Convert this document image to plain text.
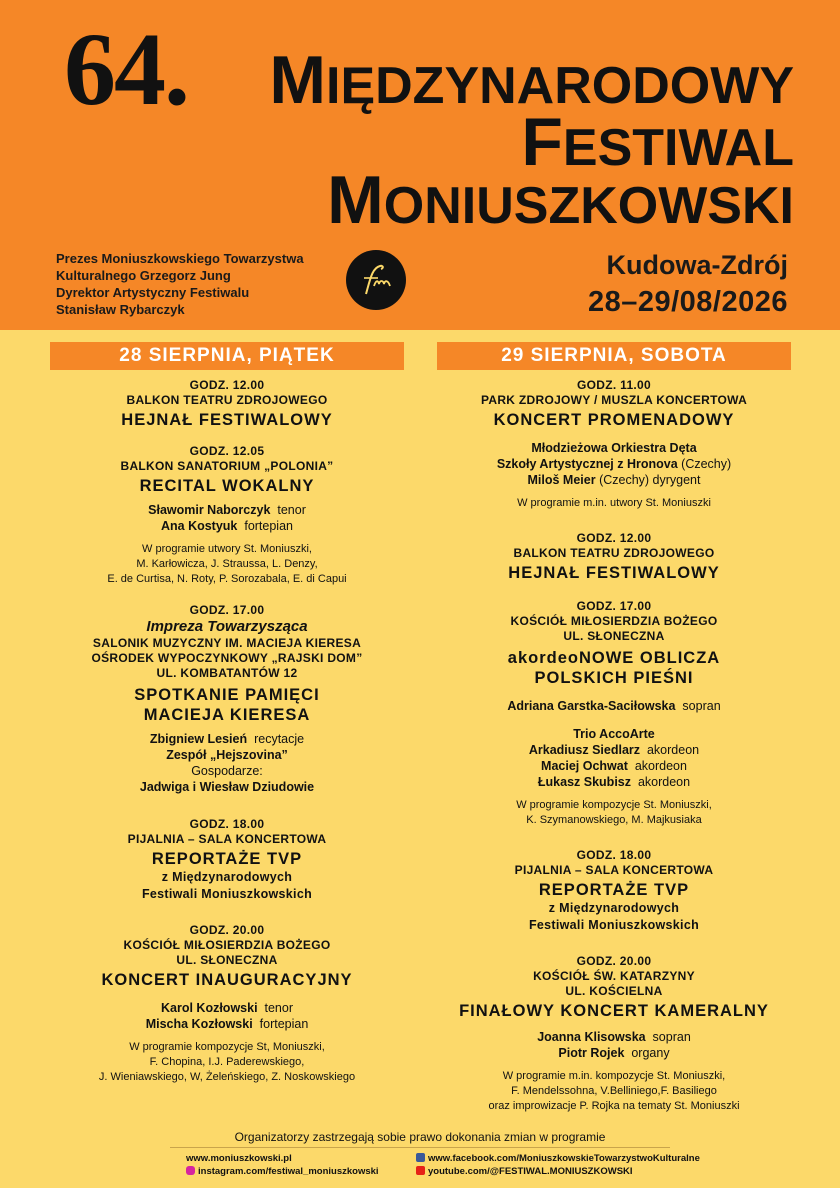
64. MIĘDZYNARODOWY
FESTIWAL
MONIUSZKOWSKI
Prezes Moniuszkowskiego Towarzystwa
Kulturalnego Grzegorz Jung
Dyrektor Artystyczny Festiwalu
Stanisław Rybarczyk
Kudowa-Zdrój
28–29/08/2026
28 SIERPNIA, PIĄTEK	29 SIERPNIA, SOBOTA
GODZ. 12.00
BALKON TEATRU ZDROJOWEGO
HEJNAŁ FESTIWALOWY
GODZ. 12.05
BALKON SANATORIUM „POLONIA”
RECITAL WOKALNY
Sławomir Naborczyk tenor
Ana Kostyuk fortepian
W programie utwory St. Moniuszki,
M. Karłowicza, J. Straussa, L. Denzy,
E. de Curtisa, N. Roty, P. Sorozabala, E. di Capui
GODZ. 17.00
Impreza Towarzysząca
SALONIK MUZYCZNY IM. MACIEJA KIERESA
OŚRODEK WYPOCZYNKOWY „RAJSKI DOM”
UL. KOMBATANTÓW 12
SPOTKANIE PAMIĘCI
MACIEJA KIERESA
Zbigniew Lesień recytacje
Zespół „Hejszovina”
Gospodarze:
Jadwiga i Wiesław Dziudowie
GODZ. 18.00
PIJALNIA – SALA KONCERTOWA
REPORTAŻE TVP
z Międzynarodowych
Festiwali Moniuszkowskich
GODZ. 20.00
KOŚCIÓŁ MIŁOSIERDZIA BOŻEGO
UL. SŁONECZNA
KONCERT INAUGURACYJNY
Karol Kozłowski tenor
Mischa Kozłowski fortepian
W programie kompozycje St, Moniuszki,
F. Chopina, I.J. Paderewskiego,
J. Wieniawskiego, W, Żeleńskiego, Z. Noskowskiego
GODZ. 11.00
PARK ZDROJOWY / MUSZLA KONCERTOWA
KONCERT PROMENADOWY
Młodzieżowa Orkiestra Dęta
Szkoły Artystycznej z Hronova (Czechy)
Miloš Meier (Czechy) dyrygent
W programie m.in. utwory St. Moniuszki
GODZ. 12.00
BALKON TEATRU ZDROJOWEGO
HEJNAŁ FESTIWALOWY
GODZ. 17.00
KOŚCIÓŁ MIŁOSIERDZIA BOŻEGO
UL. SŁONECZNA
akordeoNOWE OBLICZA
POLSKICH PIEŚNI
Adriana Garstka-Saciłowska sopran
Trio AccoArte
Arkadiusz Siedlarz akordeon
Maciej Ochwat akordeon
Łukasz Skubisz akordeon
W programie kompozycje St. Moniuszki,
K. Szymanowskiego, M. Majkusiaka
GODZ. 18.00
PIJALNIA – SALA KONCERTOWA
REPORTAŻE TVP
z Międzynarodowych
Festiwali Moniuszkowskich
GODZ. 20.00
KOŚCIÓŁ ŚW. KATARZYNY
UL. KOŚCIELNA
FINAŁOWY KONCERT KAMERALNY
Joanna Klisowska sopran
Piotr Rojek organy
W programie m.in. kompozycje St. Moniuszki,
F. Mendelssohna, V.Belliniego,F. Basiliego
oraz improwizacje P. Rojka na tematy St. Moniuszki
Organizatorzy zastrzegają sobie prawo dokonania zmian w programie
www.moniuszkowski.pl
instagram.com/festiwal_moniuszkowski
www.facebook.com/MoniuszkowskieTowarzystwoKulturalne
youtube.com/@FESTIWAL.MONIUSZKOWSKI
